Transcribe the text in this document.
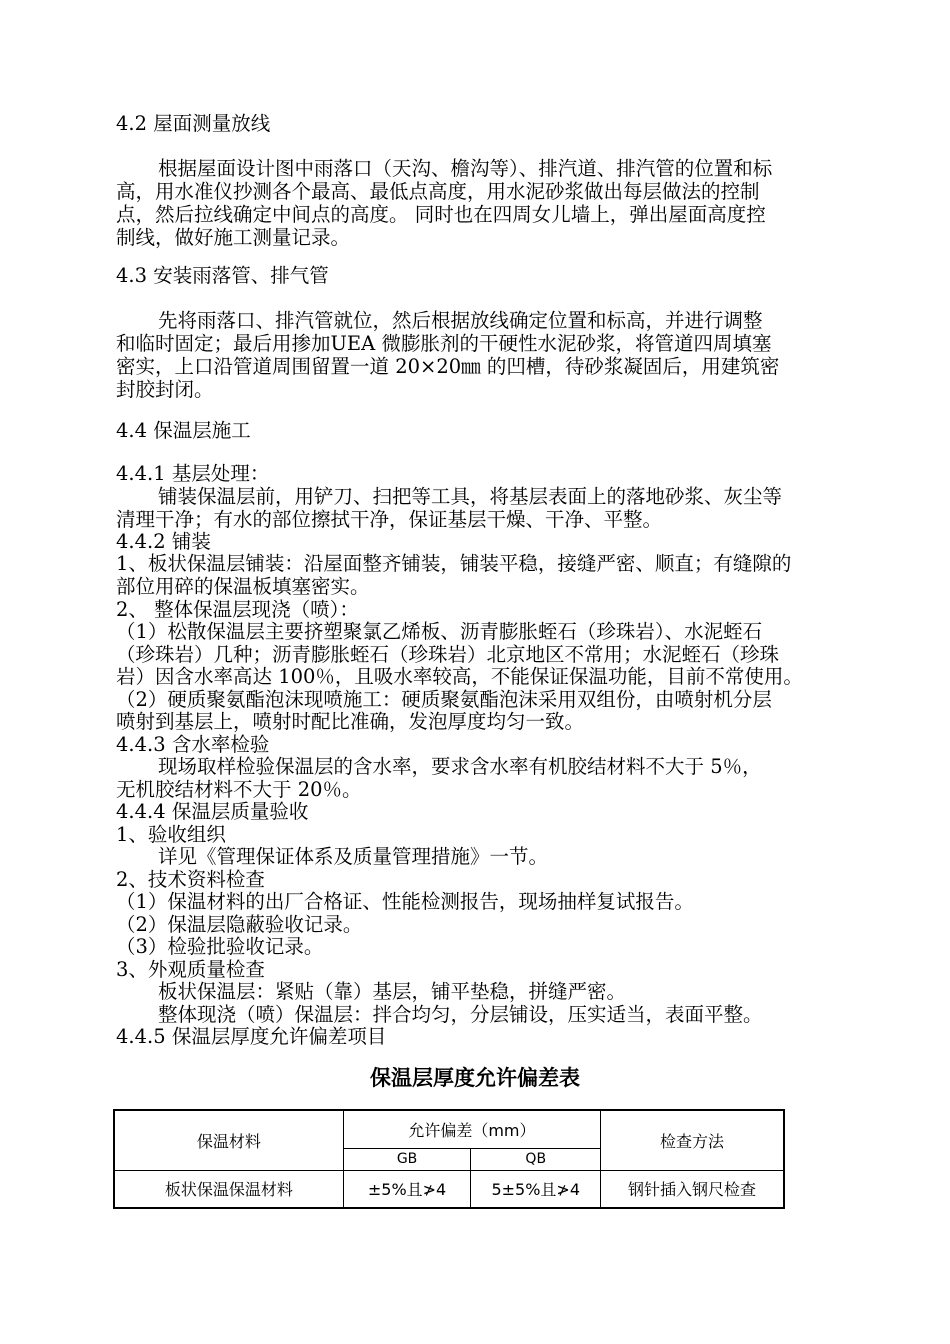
4.2 屋面测量放线
根据屋面设计图中雨落口（天沟、檐沟等）、排汽道、排汽管的位置和标
高，用水准仪抄测各个最高、最低点高度，用水泥砂浆做出每层做法的控制
点，然后拉线确定中间点的高度。 同时也在四周女儿墙上，弹出屋面高度控
制线，做好施工测量记录。
4.3 安装雨落管、排气管
先将雨落口、排汽管就位，然后根据放线确定位置和标高，并进行调整
和临时固定；最后用掺加UEA 微膨胀剂的干硬性水泥砂浆，将管道四周填塞
密实，上口沿管道周围留置一道 20×20㎜ 的凹槽，待砂浆凝固后，用建筑密
封胶封闭。
4.4 保温层施工
4.4.1 基层处理：
铺装保温层前，用铲刀、扫把等工具，将基层表面上的落地砂浆、灰尘等
清理干净；有水的部位擦拭干净，保证基层干燥、干净、平整。
4.4.2 铺装
1、板状保温层铺装：沿屋面整齐铺装，铺装平稳，接缝严密、顺直；有缝隙的
部位用碎的保温板填塞密实。
2、 整体保温层现浇（喷）：
（1）松散保温层主要挤塑聚氯乙烯板、沥青膨胀蛭石（珍珠岩）、水泥蛭石
（珍珠岩）几种；沥青膨胀蛭石（珍珠岩）北京地区不常用；水泥蛭石（珍珠
岩）因含水率高达 100％，且吸水率较高，不能保证保温功能，目前不常使用。
（2）硬质聚氨酯泡沫现喷施工：硬质聚氨酯泡沫采用双组份，由喷射机分层
喷射到基层上，喷射时配比准确，发泡厚度均匀一致。
4.4.3 含水率检验
现场取样检验保温层的含水率，要求含水率有机胶结材料不大于 5％，
无机胶结材料不大于 20％。
4.4.4 保温层质量验收
1、验收组织
详见《管理保证体系及质量管理措施》一节。
2、技术资料检查
（1）保温材料的出厂合格证、性能检测报告，现场抽样复试报告。
（2）保温层隐蔽验收记录。
（3）检验批验收记录。
3、外观质量检查
板状保温层：紧贴（靠）基层，铺平垫稳，拼缝严密。
整体现浇（喷）保温层：拌合均匀，分层铺设，压实适当，表面平整。
4.4.5 保温层厚度允许偏差项目
保温层厚度允许偏差表
保温材料	允许偏差（mm）		检查方法
	GB	QB	
板状保温保温材料	±5%且≯4	5±5%且≯4	钢针插入钢尺检查
